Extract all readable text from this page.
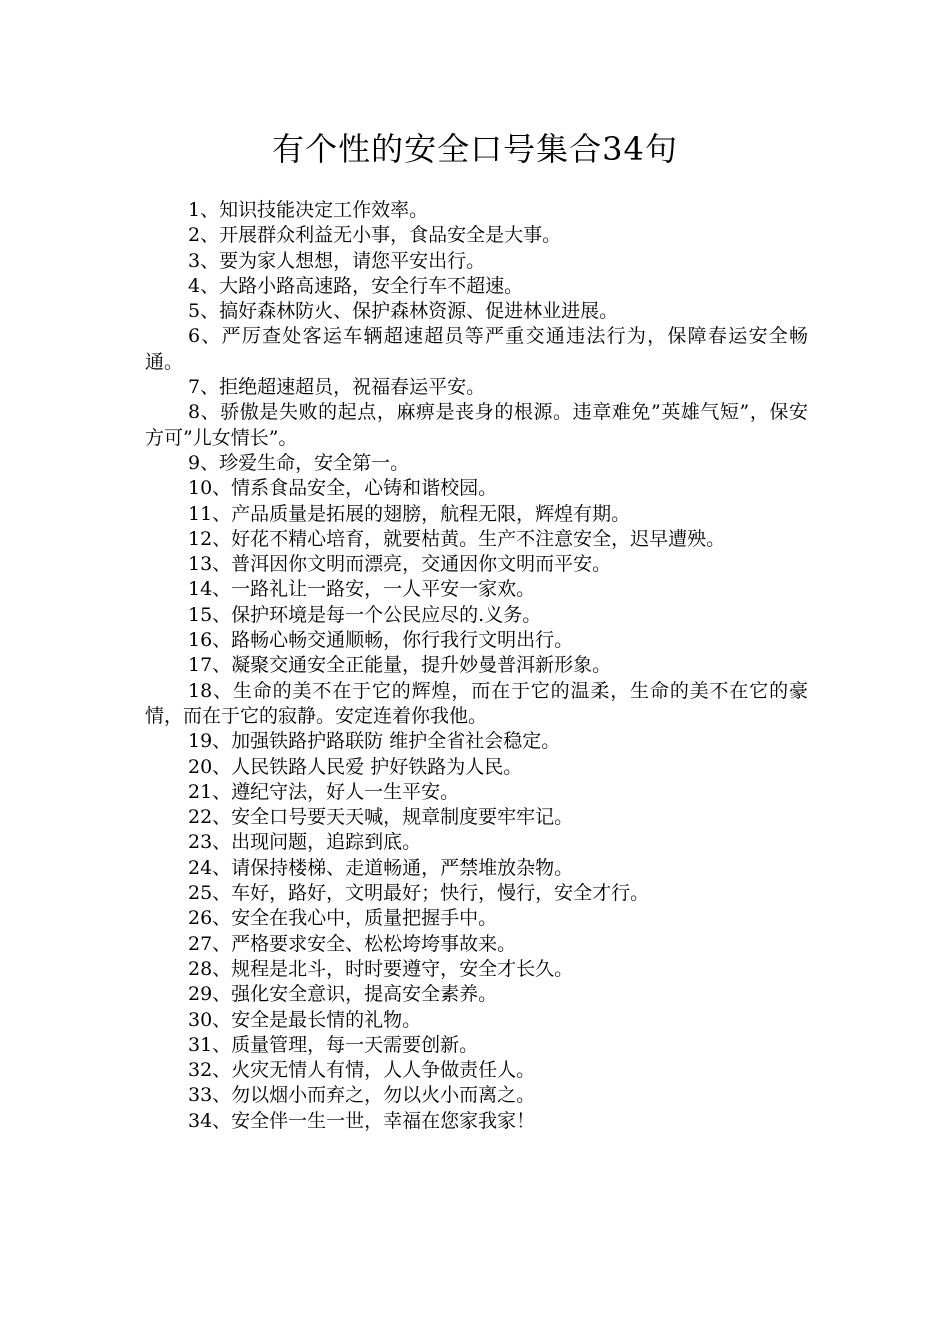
有个性的安全口号集合34句

1、知识技能决定工作效率。

2、开展群众利益无小事，食品安全是大事。

3、要为家人想想，请您平安出行。

4、大路小路高速路，安全行车不超速。

5、搞好森林防火、保护森林资源、促进林业进展。

6、严厉查处客运车辆超速超员等严重交通违法行为，保障春运安全畅通。

7、拒绝超速超员，祝福春运平安。

8、骄傲是失败的起点，麻痹是丧身的根源。违章难免”英雄气短”，保安方可”儿女情长”。

9、珍爱生命，安全第一。

10、情系食品安全，心铸和谐校园。

11、产品质量是拓展的翅膀，航程无限，辉煌有期。

12、好花不精心培育，就要枯黄。生产不注意安全，迟早遭殃。

13、普洱因你文明而漂亮，交通因你文明而平安。

14、一路礼让一路安，一人平安一家欢。

15、保护环境是每一个公民应尽的.义务。

16、路畅心畅交通顺畅，你行我行文明出行。

17、凝聚交通安全正能量，提升妙曼普洱新形象。

18、生命的美不在于它的辉煌，而在于它的温柔，生命的美不在它的豪情，而在于它的寂静。安定连着你我他。

19、加强铁路护路联防 维护全省社会稳定。

20、人民铁路人民爱 护好铁路为人民。

21、遵纪守法，好人一生平安。

22、安全口号要天天喊，规章制度要牢牢记。

23、出现问题，追踪到底。

24、请保持楼梯、走道畅通，严禁堆放杂物。

25、车好，路好，文明最好；快行，慢行，安全才行。

26、安全在我心中，质量把握手中。

27、严格要求安全、松松垮垮事故来。

28、规程是北斗，时时要遵守，安全才长久。

29、强化安全意识，提高安全素养。

30、安全是最长情的礼物。

31、质量管理，每一天需要创新。

32、火灾无情人有情，人人争做责任人。

33、勿以烟小而弃之，勿以火小而离之。

34、安全伴一生一世，幸福在您家我家！
